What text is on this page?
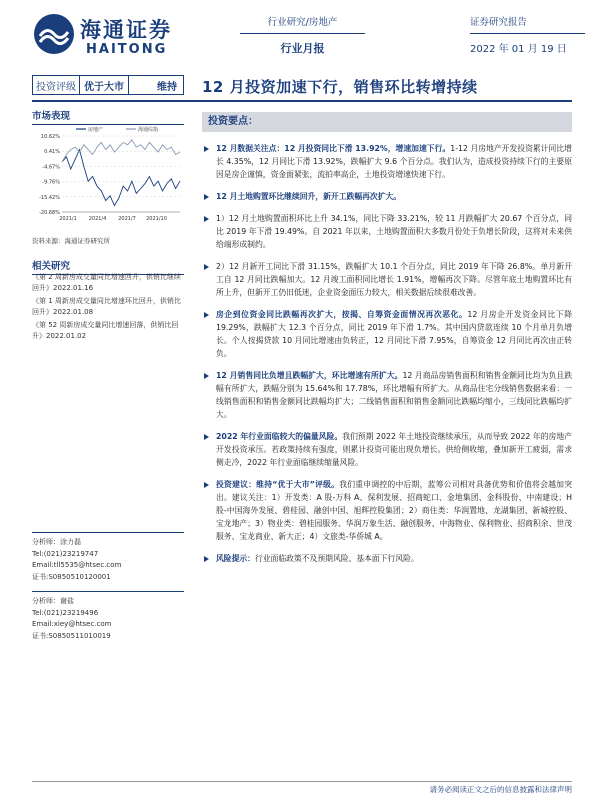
海通证券
HAITONG
行业研究/房地产
行业月报
证券研究报告
2022 年 01 月 19 日
投资评级 优于大市	维持	12 月投资加速下行，销售环比转增持续
市场表现
10.62%
0.41%
-4.67%
-9.76%
-15.42%
-20.68%
2021/1 2021/4 2021/7 2021/10
房地产	海通综指
资料来源：海通证券研究所
相关研究
《第 2 周新房成交量同比增速回升，供销比继续回升》2022.01.16
《第 1 周新房成交量同比增速环比回升，供销比回升》2022.01.08
《第 52 周新房成交量同比增速回落，供销比回升》2022.01.02
分析师：涂力磊
Tel:(021)23219747
Email:tll5535@htsec.com
证书:S0850510120001
分析师：谢盐
Tel:(021)23219496
Email:xiey@htsec.com
证书:S0850511010019
投资要点：
12 月数据关注点：12 月投资同比下滑 13.92%，增速加速下行。1-12 月房地产开发投资累计同比增长 4.35%，12 月同比下滑 13.92%，跌幅扩大 9.6 个百分点。我们认为，造成投资持续下行的主要原因是房企谨慎，资金面紧张，流拍率高企，土地投资增速快速下行。
12 月土地购置环比继续回升，新开工跌幅再次扩大。
1）12 月土地购置面积环比上升 34.1%，同比下降 33.21%，较 11 月跌幅扩大 20.67 个百分点，同比 2019 年下滑 19.49%。自 2021 年以来，土地购置面积大多数月份处于负增长阶段，这将对未来供给端形成制约。
2）12 月新开工同比下滑 31.15%，跌幅扩大 10.1 个百分点，同比 2019 年下降 26.8%。单月新开工自 12 月同比跌幅加大。12 月竣工面积同比增长 1.91%，增幅再次下降。尽管年底土地购置环比有所上升，但新开工仍旧低迷，企业资金面压力较大，相关数据后续很难改善。
房企到位资金同比跌幅再次扩大，按揭、自筹资金面情况再次恶化。12 月房企开发资金同比下降 19.29%，跌幅扩大 12.3 个百分点，同比 2019 年下滑 1.7%。其中国内贷款连续 10 个月单月负增长。个人按揭贷款 10 月同比增速由负转正，12 月同比下滑 7.95%，自筹资金 12 月同比再次由正转负。
12 月销售同比负增且跌幅扩大，环比增速有所扩大。12 月商品房销售面积和销售金额同比均为负且跌幅有所扩大，跌幅分别为 15.64%和 17.78%，环比增幅有所扩大。从商品住宅分线销售数据来看：一线销售面积和销售金额同比跌幅均扩大；二线销售面积和销售金额同比跌幅均缩小，三线同比跌幅均扩大。
2022 年行业面临较大的偏量风险。我们预期 2022 年土地投资继续承压，从而导致 2022 年的房地产开发投资承压。若政策持续有强度，则累计投资可能出现负增长。供给侧收缩，叠加新开工疲弱，需求侧走冷，2022 年行业面临继续缩量风险。
投资建议：维持“优于大市”评级。我们重申调控的中后期，蓝筹公司相对具备优势和价值将会越加突出。建议关注：1）开发类：A 股-万科 A、保利发展、招商蛇口、金地集团、金科股份、中南建设；H 股-中国海外发展、碧桂园、融创中国、旭辉控股集团；2）商住类：华润置地、龙湖集团、新城控股、宝龙地产；3）物业类：碧桂园服务、华润万象生活、融创服务、中海物业、保利物业、招商积余、世茂服务、宝龙商业、新大正；4）文旅类-华侨城 A。
风险提示：行业面临政策不及预期风险、基本面下行风险。
请务必阅读正文之后的信息披露和法律声明
